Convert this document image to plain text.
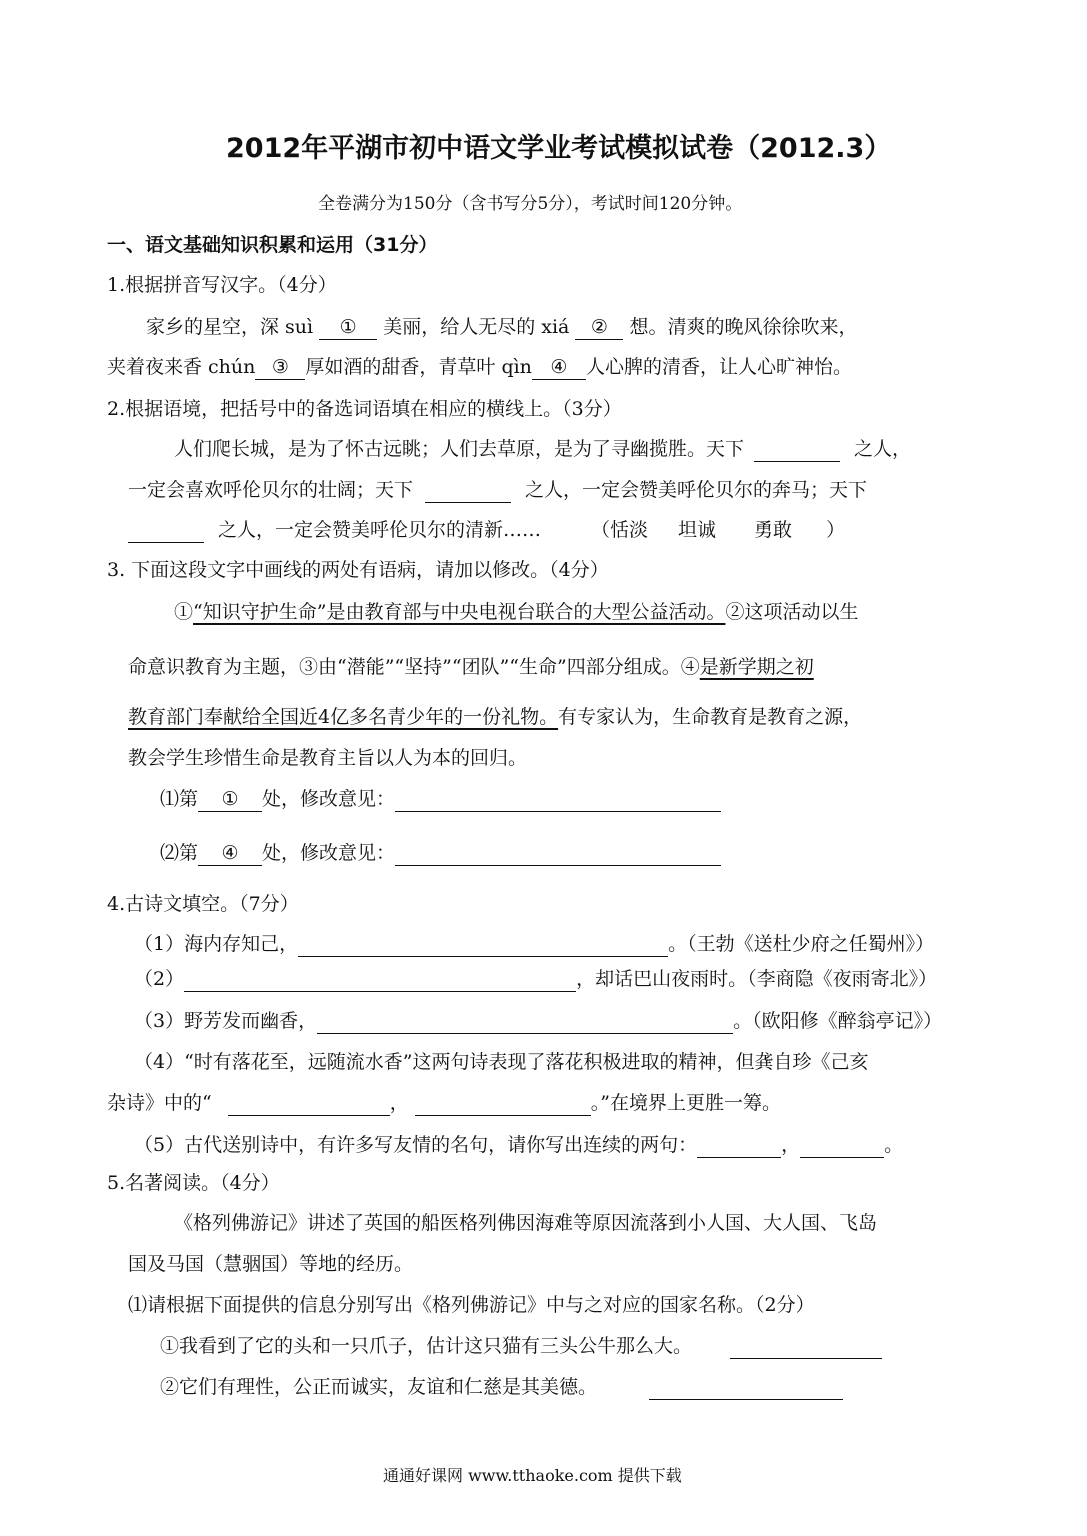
2012年平湖市初中语文学业考试模拟试卷（2012.3）
全卷满分为150分（含书写分5分），考试时间120分钟。
一、语文基础知识积累和运用（31分）
1.根据拼音写汉字。（4分）
家乡的星空，深 suì ① 美丽，给人无尽的 xiá ② 想。清爽的晚风徐徐吹来，
夹着夜来香 chún ③ 厚如酒的甜香，青草叶 qìn ④ 人心脾的清香，让人心旷神怡。
2.根据语境，把括号中的备选词语填在相应的横线上。（3分）
人们爬长城，是为了怀古远眺；人们去草原，是为了寻幽揽胜。天下	之人，
一定会喜欢呼伦贝尔的壮阔；天下	之人，一定会赞美呼伦贝尔的奔马；天下
之人，一定会赞美呼伦贝尔的清新……	（恬淡 坦诚 勇敢 ）
3. 下面这段文字中画线的两处有语病，请加以修改。（4分）
①“知识守护生命”是由教育部与中央电视台联合的大型公益活动。②这项活动以生
命意识教育为主题，③由“潜能”“坚持”“团队”“生命”四部分组成。④是新学期之初
教育部门奉献给全国近4亿多名青少年的一份礼物。有专家认为，生命教育是教育之源，
教会学生珍惜生命是教育主旨以人为本的回归。
⑴第 ① 处，修改意见：
⑵第 ④ 处，修改意见：
4.古诗文填空。（7分）
（1）海内存知己，	。（王勃《送杜少府之任蜀州》）
（2）	，却话巴山夜雨时。（李商隐《夜雨寄北》）
（3）野芳发而幽香，	。（欧阳修《醉翁亭记》）
（4）“时有落花至，远随流水香”这两句诗表现了落花积极进取的精神，但龚自珍《己亥
杂诗》中的“	，	。”在境界上更胜一筹。
（5）古代送别诗中，有许多写友情的名句，请你写出连续的两句：	，	。
5.名著阅读。（4分）
《格列佛游记》讲述了英国的船医格列佛因海难等原因流落到小人国、大人国、飞岛
国及马国（慧骃国）等地的经历。
⑴请根据下面提供的信息分别写出《格列佛游记》中与之对应的国家名称。（2分）
①我看到了它的头和一只爪子，估计这只猫有三头公牛那么大。
②它们有理性，公正而诚实，友谊和仁慈是其美德。
通通好课网 www.tthaoke.com 提供下载
